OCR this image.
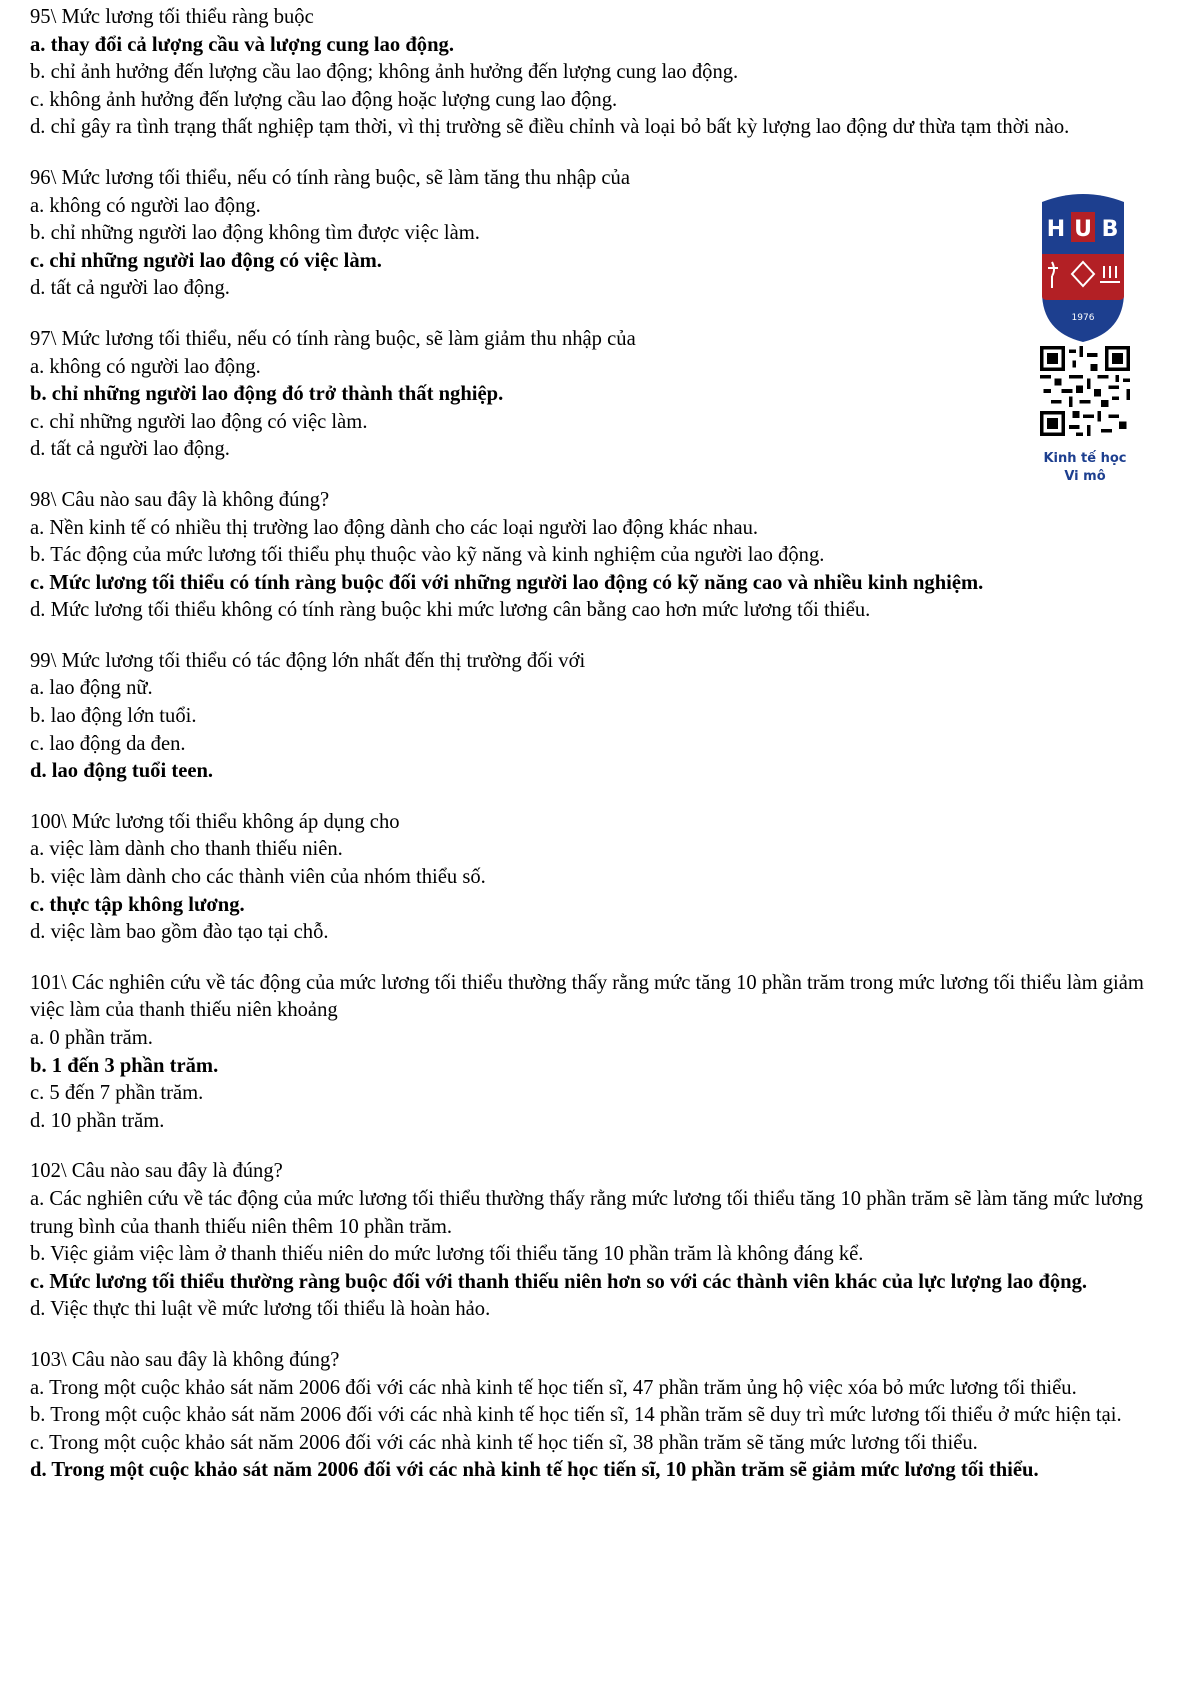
95\ Mức lương tối thiểu ràng buộc

a. thay đổi cả lượng cầu và lượng cung lao động.

b. chỉ ảnh hưởng đến lượng cầu lao động; không ảnh hưởng đến lượng cung lao động.

c. không ảnh hưởng đến lượng cầu lao động hoặc lượng cung lao động.

d. chỉ gây ra tình trạng thất nghiệp tạm thời, vì thị trường sẽ điều chỉnh và loại bỏ bất kỳ lượng lao động dư thừa tạm thời nào.

96\ Mức lương tối thiểu, nếu có tính ràng buộc, sẽ làm tăng thu nhập của

a. không có người lao động.

b. chỉ những người lao động không tìm được việc làm.

c. chỉ những người lao động có việc làm.

d. tất cả người lao động.

97\ Mức lương tối thiểu, nếu có tính ràng buộc, sẽ làm giảm thu nhập của

a. không có người lao động.

b. chỉ những người lao động đó trở thành thất nghiệp.

c. chỉ những người lao động có việc làm.

d. tất cả người lao động.

98\ Câu nào sau đây là không đúng?

a. Nền kinh tế có nhiều thị trường lao động dành cho các loại người lao động khác nhau.

b. Tác động của mức lương tối thiểu phụ thuộc vào kỹ năng và kinh nghiệm của người lao động.

c. Mức lương tối thiểu có tính ràng buộc đối với những người lao động có kỹ năng cao và nhiều kinh nghiệm.

d. Mức lương tối thiểu không có tính ràng buộc khi mức lương cân bằng cao hơn mức lương tối thiểu.

99\ Mức lương tối thiểu có tác động lớn nhất đến thị trường đối với

a. lao động nữ.

b. lao động lớn tuổi.

c. lao động da đen.

d. lao động tuổi teen.

100\ Mức lương tối thiểu không áp dụng cho

a. việc làm dành cho thanh thiếu niên.

b. việc làm dành cho các thành viên của nhóm thiểu số.

c. thực tập không lương.

d. việc làm bao gồm đào tạo tại chỗ.

101\ Các nghiên cứu về tác động của mức lương tối thiểu thường thấy rằng mức tăng 10 phần trăm trong mức lương tối thiểu làm giảm việc làm của thanh thiếu niên khoảng

a. 0 phần trăm.

b. 1 đến 3 phần trăm.

c. 5 đến 7 phần trăm.

d. 10 phần trăm.

102\ Câu nào sau đây là đúng?

a. Các nghiên cứu về tác động của mức lương tối thiểu thường thấy rằng mức lương tối thiểu tăng 10 phần trăm sẽ làm tăng mức lương trung bình của thanh thiếu niên thêm 10 phần trăm.

b. Việc giảm việc làm ở thanh thiếu niên do mức lương tối thiểu tăng 10 phần trăm là không đáng kể.

c. Mức lương tối thiểu thường ràng buộc đối với thanh thiếu niên hơn so với các thành viên khác của lực lượng lao động.

d. Việc thực thi luật về mức lương tối thiểu là hoàn hảo.

103\ Câu nào sau đây là không đúng?

a. Trong một cuộc khảo sát năm 2006 đối với các nhà kinh tế học tiến sĩ, 47 phần trăm ủng hộ việc xóa bỏ mức lương tối thiểu.

b. Trong một cuộc khảo sát năm 2006 đối với các nhà kinh tế học tiến sĩ, 14 phần trăm sẽ duy trì mức lương tối thiểu ở mức hiện tại.

c. Trong một cuộc khảo sát năm 2006 đối với các nhà kinh tế học tiến sĩ, 38 phần trăm sẽ tăng mức lương tối thiểu.

d. Trong một cuộc khảo sát năm 2006 đối với các nhà kinh tế học tiến sĩ, 10 phần trăm sẽ giảm mức lương tối thiểu.

H U B
1976
Kinh tế học
Vi mô
